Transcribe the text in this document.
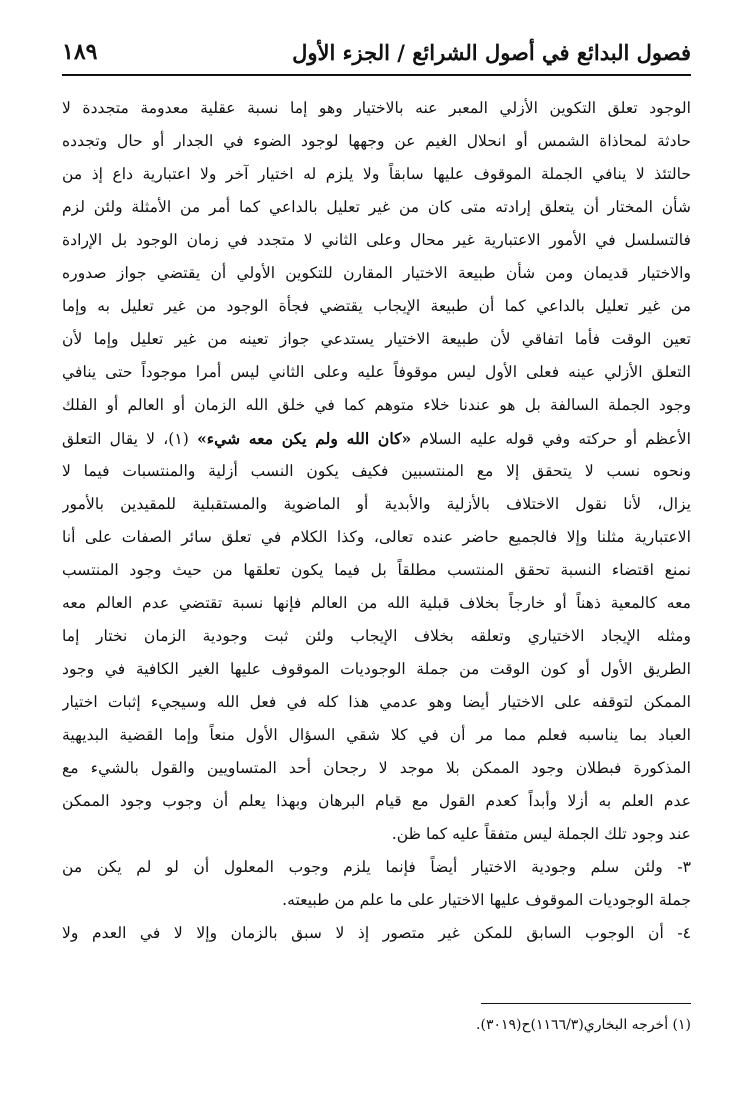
فصول البدائع في أصول الشرائع / الجزء الأول
١٨٩
الوجود تعلق التكوين الأزلي المعبر عنه بالاختيار وهو إما نسبة عقلية معدومة متجددة لا
حادثة لمحاذاة الشمس أو انحلال الغيم عن وجهها لوجود الضوء في الجدار أو حال وتجدده
حالتئذ لا ينافي الجملة الموقوف عليها سابقاً ولا يلزم له اختيار آخر ولا اعتبارية داع إذ من
شأن المختار أن يتعلق إرادته متى كان من غير تعليل بالداعي كما أمر من الأمثلة ولئن لزم
فالتسلسل في الأمور الاعتبارية غير محال وعلى الثاني لا متجدد في زمان الوجود بل الإرادة
والاختيار قديمان ومن شأن طبيعة الاختيار المقارن للتكوين الأولي أن يقتضي جواز صدوره
من غير تعليل بالداعي كما أن طبيعة الإيجاب يقتضي فجأة الوجود من غير تعليل به وإما
تعين الوقت فأما اتفاقي لأن طبيعة الاختيار يستدعي جواز تعينه من غير تعليل وإما لأن
التعلق الأزلي عينه فعلى الأول ليس موقوفاً عليه وعلى الثاني ليس أمرا موجوداً حتى ينافي
وجود الجملة السالفة بل هو عندنا خلاء متوهم كما في خلق الله الزمان أو العالم أو الفلك
الأعظم أو حركته وفي قوله عليه السلام «كان الله ولم يكن معه شيء» (١)، لا يقال التعلق
ونحوه نسب لا يتحقق إلا مع المنتسبين فكيف يكون النسب أزلية والمنتسبات فيما لا
يزال، لأنا نقول الاختلاف بالأزلية والأبدية أو الماضوية والمستقبلية للمقيدين بالأمور
الاعتبارية مثلنا وإلا فالجميع حاضر عنده تعالى، وكذا الكلام في تعلق سائر الصفات على أنا
نمنع اقتضاء النسبة تحقق المنتسب مطلقاً بل فيما يكون تعلقها من حيث وجود المنتسب
معه كالمعية ذهناً أو خارجاً بخلاف قبلية الله من العالم فإنها نسبة تقتضي عدم العالم معه
ومثله الإيجاد الاختياري وتعلقه بخلاف الإيجاب ولئن ثبت وجودية الزمان نختار إما
الطريق الأول أو كون الوقت من جملة الوجوديات الموقوف عليها الغير الكافية في وجود
الممكن لتوقفه على الاختيار أيضا وهو عدمي هذا كله في فعل الله وسيجيء إثبات اختيار
العباد بما يناسبه فعلم مما مر أن في كلا شقي السؤال الأول منعاً وإما القضية البديهية
المذكورة فبطلان وجود الممكن بلا موجد لا رجحان أحد المتساويين والقول بالشيء مع
عدم العلم به أزلا وأبداً كعدم القول مع قيام البرهان وبهذا يعلم أن وجوب وجود الممكن
عند وجود تلك الجملة ليس متفقاً عليه كما ظن.
٣- ولئن سلم وجودية الاختيار أيضاً فإنما يلزم وجوب المعلول أن لو لم يكن من
جملة الوجوديات الموقوف عليها الاختيار على ما علم من طبيعته.
٤- أن الوجوب السابق للمكن غير متصور إذ لا سبق بالزمان وإلا لا في العدم ولا
(١) أخرجه البخاري(١١٦٦/٣)ح(٣٠١٩).
